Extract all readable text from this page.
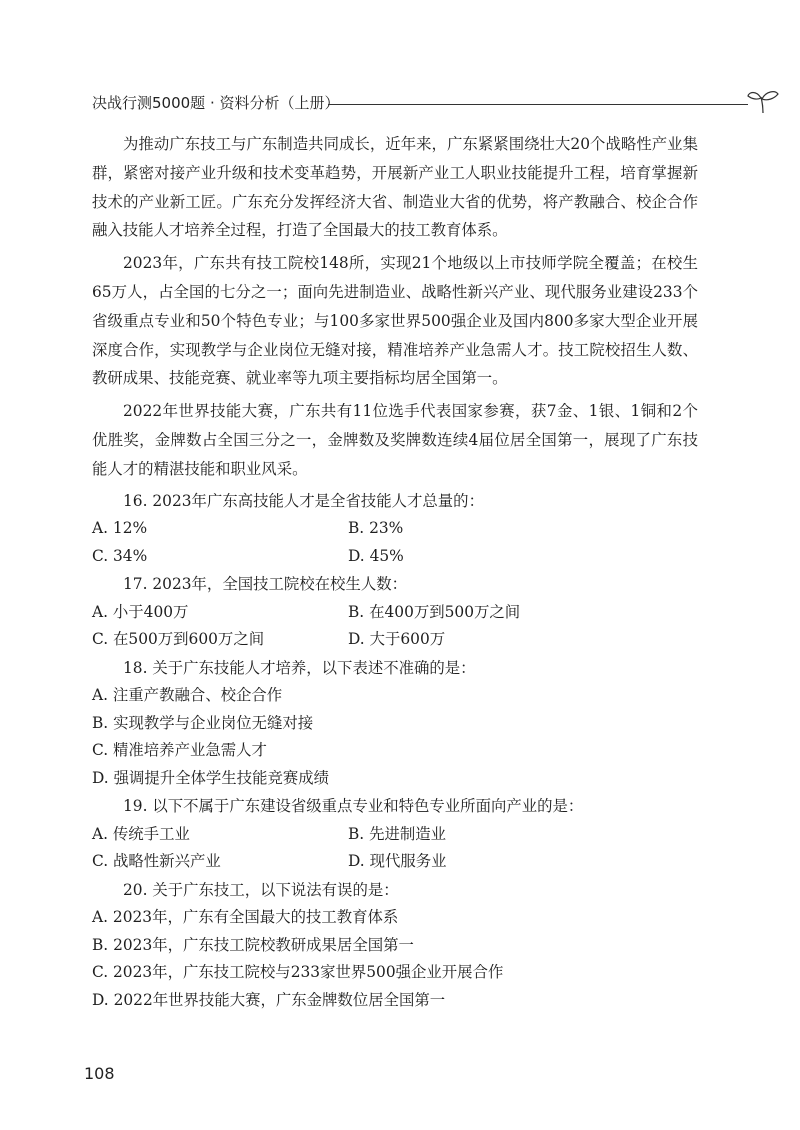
决战行测5000题 · 资料分析（上册）

为推动广东技工与广东制造共同成长，近年来，广东紧紧围绕壮大20个战略性产业集群，紧密对接产业升级和技术变革趋势，开展新产业工人职业技能提升工程，培育掌握新技术的产业新工匠。广东充分发挥经济大省、制造业大省的优势，将产教融合、校企合作融入技能人才培养全过程，打造了全国最大的技工教育体系。

2023年，广东共有技工院校148所，实现21个地级以上市技师学院全覆盖；在校生65万人，占全国的七分之一；面向先进制造业、战略性新兴产业、现代服务业建设233个省级重点专业和50个特色专业；与100多家世界500强企业及国内800多家大型企业开展深度合作，实现教学与企业岗位无缝对接，精准培养产业急需人才。技工院校招生人数、教研成果、技能竞赛、就业率等九项主要指标均居全国第一。

2022年世界技能大赛，广东共有11位选手代表国家参赛，获7金、1银、1铜和2个优胜奖，金牌数占全国三分之一，金牌数及奖牌数连续4届位居全国第一，展现了广东技能人才的精湛技能和职业风采。

16. 2023年广东高技能人才是全省技能人才总量的：

A. 12%	B. 23%
C. 34%	D. 45%

17. 2023年，全国技工院校在校生人数：

A. 小于400万	B. 在400万到500万之间
C. 在500万到600万之间	D. 大于600万

18. 关于广东技能人才培养，以下表述不准确的是：

A. 注重产教融合、校企合作

B. 实现教学与企业岗位无缝对接

C. 精准培养产业急需人才

D. 强调提升全体学生技能竞赛成绩

19. 以下不属于广东建设省级重点专业和特色专业所面向产业的是：

A. 传统手工业	B. 先进制造业
C. 战略性新兴产业	D. 现代服务业

20. 关于广东技工，以下说法有误的是：

A. 2023年，广东有全国最大的技工教育体系

B. 2023年，广东技工院校教研成果居全国第一

C. 2023年，广东技工院校与233家世界500强企业开展合作

D. 2022年世界技能大赛，广东金牌数位居全国第一

108
